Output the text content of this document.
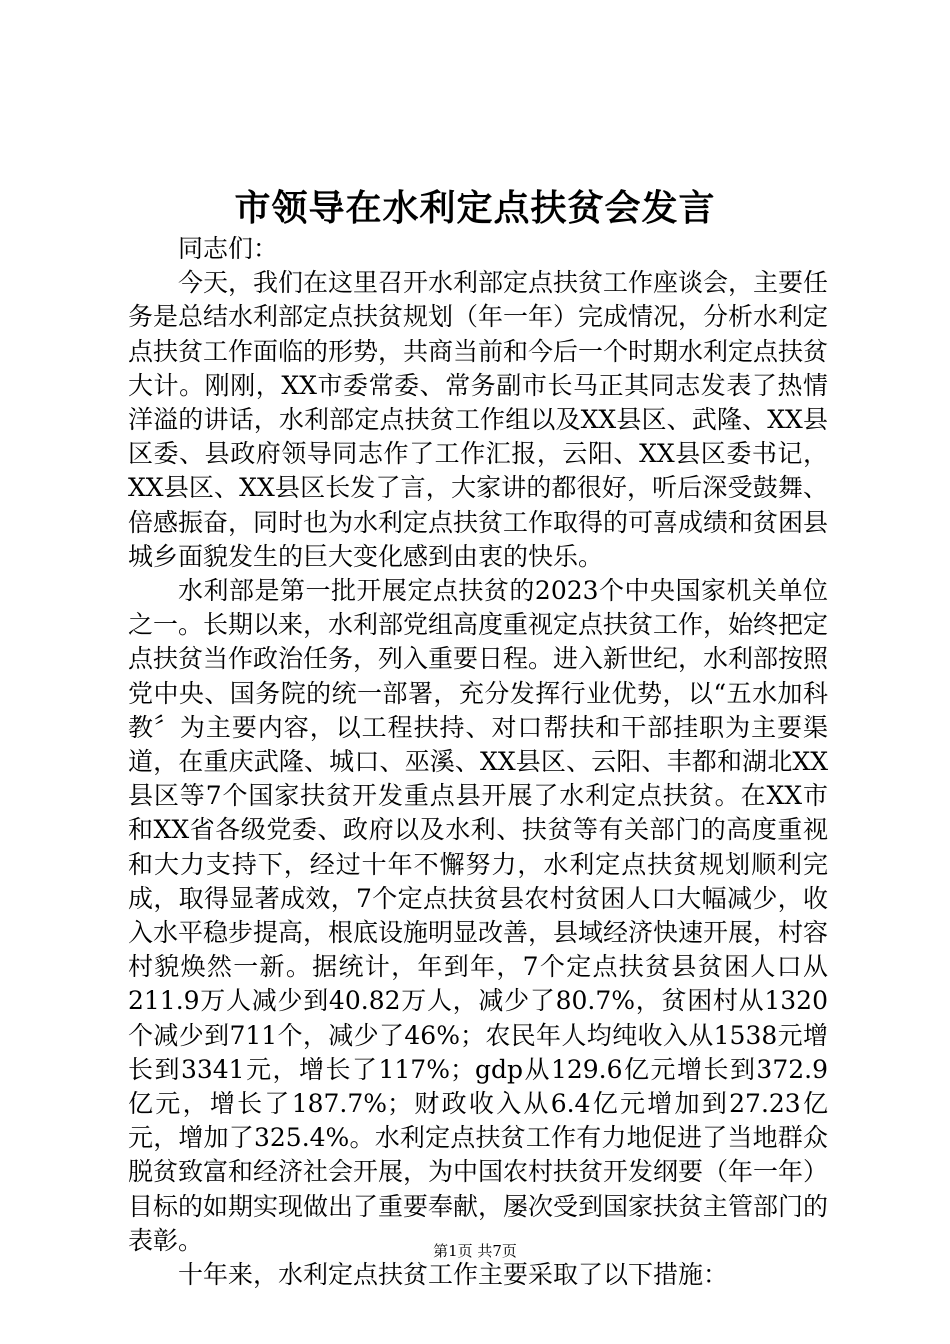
市领导在水利定点扶贫会发言

同志们：

今天，我们在这里召开水利部定点扶贫工作座谈会，主要任务是总结水利部定点扶贫规划（年一年）完成情况，分析水利定点扶贫工作面临的形势，共商当前和今后一个时期水利定点扶贫大计。刚刚，XX市委常委、常务副市长马正其同志发表了热情洋溢的讲话，水利部定点扶贫工作组以及XX县区、武隆、XX县区委、县政府领导同志作了工作汇报，云阳、XX县区委书记，XX县区、XX县区长发了言，大家讲的都很好，听后深受鼓舞、倍感振奋，同时也为水利定点扶贫工作取得的可喜成绩和贫困县城乡面貌发生的巨大变化感到由衷的快乐。

水利部是第一批开展定点扶贫的2023个中央国家机关单位之一。长期以来，水利部党组高度重视定点扶贫工作，始终把定点扶贫当作政治任务，列入重要日程。进入新世纪，水利部按照党中央、国务院的统一部署，充分发挥行业优势，以“五水加科教〞为主要内容，以工程扶持、对口帮扶和干部挂职为主要渠道，在重庆武隆、城口、巫溪、XX县区、云阳、丰都和湖北XX县区等7个国家扶贫开发重点县开展了水利定点扶贫。在XX市和XX省各级党委、政府以及水利、扶贫等有关部门的高度重视和大力支持下，经过十年不懈努力，水利定点扶贫规划顺利完成，取得显著成效，7个定点扶贫县农村贫困人口大幅减少，收入水平稳步提高，根底设施明显改善，县域经济快速开展，村容村貌焕然一新。据统计，年到年，7个定点扶贫县贫困人口从211.9万人减少到40.82万人，减少了80.7%，贫困村从1320个减少到711个，减少了46%；农民年人均纯收入从1538元增长到3341元，增长了117%；gdp从129.6亿元增长到372.9亿元，增长了187.7%；财政收入从6.4亿元增加到27.23亿元，增加了325.4%。水利定点扶贫工作有力地促进了当地群众脱贫致富和经济社会开展，为中国农村扶贫开发纲要（年一年）目标的如期实现做出了重要奉献，屡次受到国家扶贫主管部门的表彰。

十年来，水利定点扶贫工作主要采取了以下措施：

第1页 共7页
